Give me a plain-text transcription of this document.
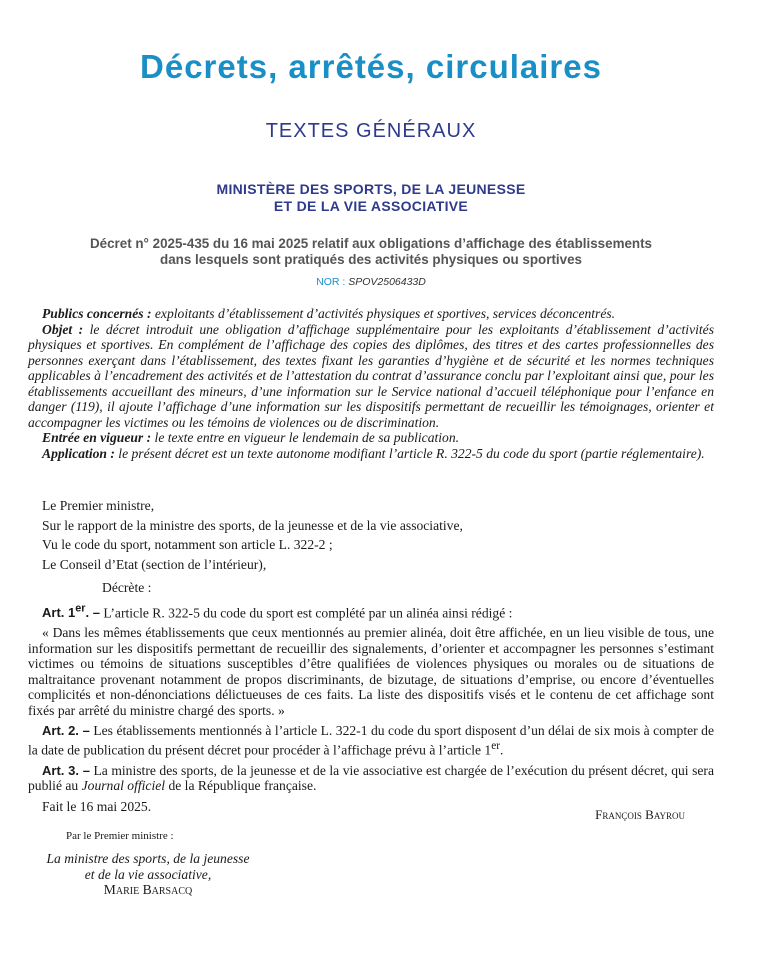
Décrets, arrêtés, circulaires
TEXTES GÉNÉRAUX
MINISTÈRE DES SPORTS, DE LA JEUNESSE
ET DE LA VIE ASSOCIATIVE
Décret n° 2025-435 du 16 mai 2025 relatif aux obligations d’affichage des établissements
dans lesquels sont pratiqués des activités physiques ou sportives
NOR : SPOV2506433D

Publics concernés : exploitants d’établissement d’activités physiques et sportives, services déconcentrés.

Objet : le décret introduit une obligation d’affichage supplémentaire pour les exploitants d’établissement d’activités physiques et sportives. En complément de l’affichage des copies des diplômes, des titres et des cartes professionnelles des personnes exerçant dans l’établissement, des textes fixant les garanties d’hygiène et de sécurité et les normes techniques applicables à l’encadrement des activités et de l’attestation du contrat d’assurance conclu par l’exploitant ainsi que, pour les établissements accueillant des mineurs, d’une information sur le Service national d’accueil téléphonique pour l’enfance en danger (119), il ajoute l’affichage d’une information sur les dispositifs permettant de recueillir les témoignages, orienter et accompagner les victimes ou les témoins de violences ou de discrimination.

Entrée en vigueur : le texte entre en vigueur le lendemain de sa publication.

Application : le présent décret est un texte autonome modifiant l’article R. 322-5 du code du sport (partie réglementaire).

Le Premier ministre,

Sur le rapport de la ministre des sports, de la jeunesse et de la vie associative,

Vu le code du sport, notamment son article L. 322-2 ;

Le Conseil d’Etat (section de l’intérieur),

Décrète :

Art. 1er. – L’article R. 322-5 du code du sport est complété par un alinéa ainsi rédigé :

« Dans les mêmes établissements que ceux mentionnés au premier alinéa, doit être affichée, en un lieu visible de tous, une information sur les dispositifs permettant de recueillir des signalements, d’orienter et accompagner les personnes s’estimant victimes ou témoins de situations susceptibles d’être qualifiées de violences physiques ou morales ou de situations de maltraitance provenant notamment de propos discriminants, de bizutage, de situations d’emprise, ou encore d’éventuelles complicités et non-dénonciations délictueuses de ces faits. La liste des dispositifs visés et le contenu de cet affichage sont fixés par arrêté du ministre chargé des sports. »

Art. 2. – Les établissements mentionnés à l’article L. 322-1 du code du sport disposent d’un délai de six mois à compter de la date de publication du présent décret pour procéder à l’affichage prévu à l’article 1er.

Art. 3. – La ministre des sports, de la jeunesse et de la vie associative est chargée de l’exécution du présent décret, qui sera publié au Journal officiel de la République française.

Fait le 16 mai 2025.

François Bayrou
Par le Premier ministre :
La ministre des sports, de la jeunesse
et de la vie associative,
Marie Barsacq
